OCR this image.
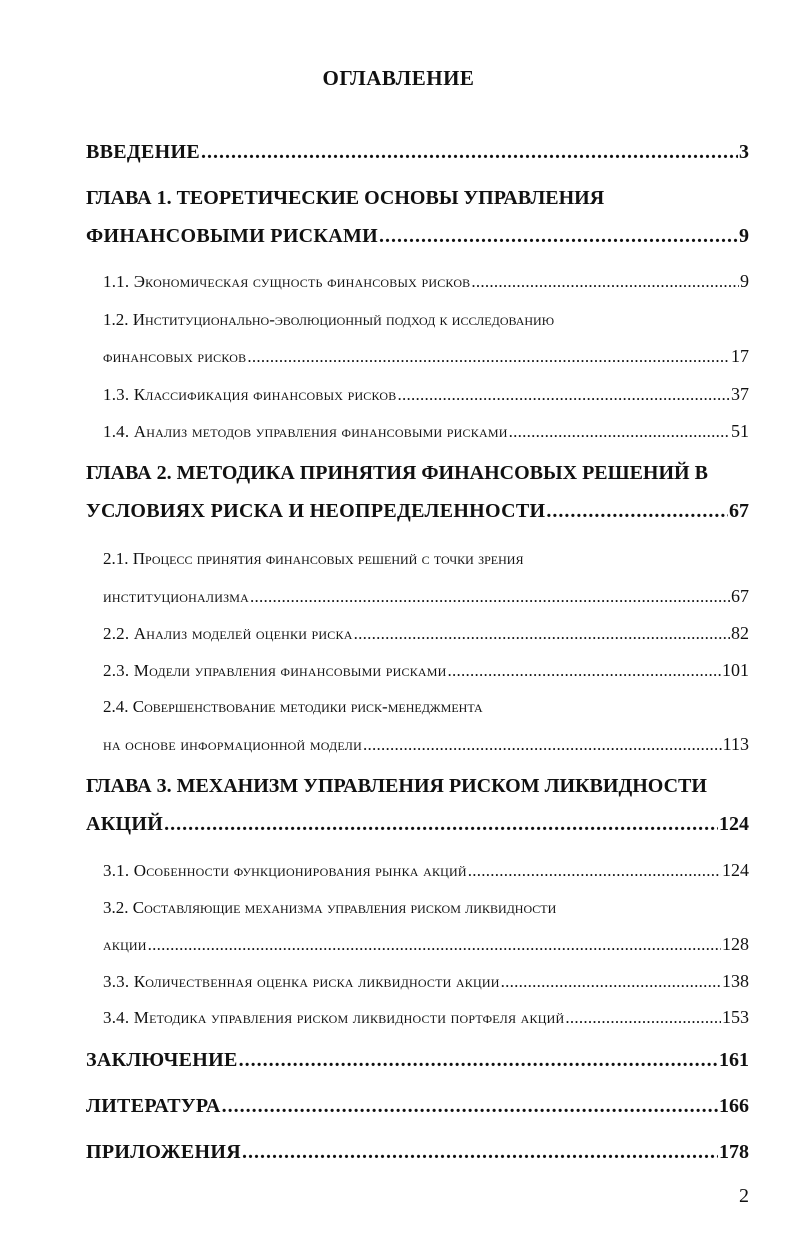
ОГЛАВЛЕНИЕ
ВВЕДЕНИЕ . . .	3
ГЛАВА 1. ТЕОРЕТИЧЕСКИЕ ОСНОВЫ УПРАВЛЕНИЯ
ФИНАНСОВЫМИ РИСКАМИ . . .	9
1.1. Экономическая сущность финансовых рисков . . .	9
1.2. Институционально-эволюционный подход к исследованию
финансовых рисков . . .	17
1.3. Классификация финансовых рисков . . .	37
1.4. Анализ методов управления финансовыми рисками . . .	51
ГЛАВА 2. МЕТОДИКА ПРИНЯТИЯ ФИНАНСОВЫХ РЕШЕНИЙ В
УСЛОВИЯХ РИСКА И НЕОПРЕДЕЛЕННОСТИ . . .	67
2.1. Процесс принятия финансовых решений с точки зрения
институционализма . . .	67
2.2. Анализ моделей оценки риска . . .	82
2.3. Модели управления финансовыми рисками . . .	101
2.4. Совершенствование методики риск-менеджмента
на основе информационной модели . . .	113
ГЛАВА 3. МЕХАНИЗМ УПРАВЛЕНИЯ РИСКОМ ЛИКВИДНОСТИ
АКЦИЙ . . .	124
3.1. Особенности функционирования рынка акций . . .	124
3.2. Составляющие механизма управления риском ликвидности
акции . . .	128
3.3. Количественная оценка риска ликвидности акции . . .	138
3.4. Методика управления риском ликвидности портфеля акций . . .	153
ЗАКЛЮЧЕНИЕ . . .	161
ЛИТЕРАТУРА . . .	166
ПРИЛОЖЕНИЯ . . .	178
2
